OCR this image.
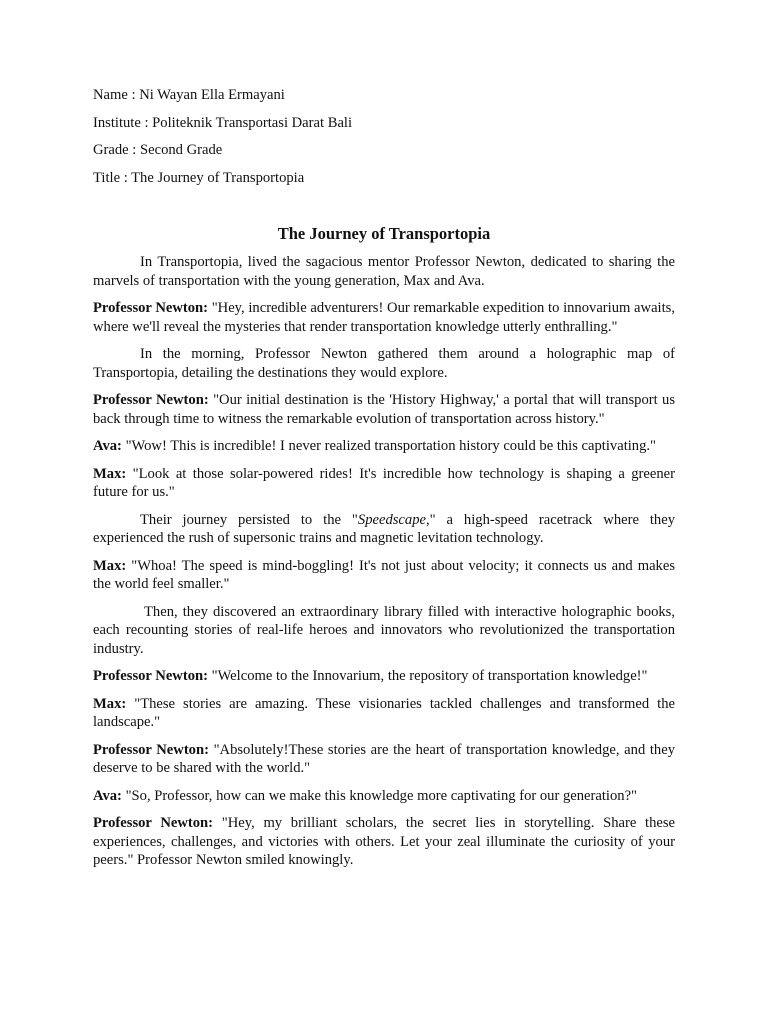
Name : Ni Wayan Ella Ermayani
Institute : Politeknik Transportasi Darat Bali
Grade : Second Grade
Title : The Journey of Transportopia
The Journey of Transportopia

In Transportopia, lived the sagacious mentor Professor Newton, dedicated to sharing the marvels of transportation with the young generation, Max and Ava.

Professor Newton: "Hey, incredible adventurers! Our remarkable expedition to innovarium awaits, where we'll reveal the mysteries that render transportation knowledge utterly enthralling."

In the morning, Professor Newton gathered them around a holographic map of Transportopia, detailing the destinations they would explore.

Professor Newton: "Our initial destination is the 'History Highway,' a portal that will transport us back through time to witness the remarkable evolution of transportation across history."

Ava: "Wow! This is incredible! I never realized transportation history could be this captivating."

Max: "Look at those solar-powered rides! It's incredible how technology is shaping a greener future for us."

Their journey persisted to the "Speedscape," a high-speed racetrack where they experienced the rush of supersonic trains and magnetic levitation technology.

Max: "Whoa! The speed is mind-boggling! It's not just about velocity; it connects us and makes the world feel smaller."

Then, they discovered an extraordinary library filled with interactive holographic books, each recounting stories of real-life heroes and innovators who revolutionized the transportation industry.

Professor Newton: "Welcome to the Innovarium, the repository of transportation knowledge!"

Max: "These stories are amazing. These visionaries tackled challenges and transformed the landscape."

Professor Newton: "Absolutely!These stories are the heart of transportation knowledge, and they deserve to be shared with the world."

Ava: "So, Professor, how can we make this knowledge more captivating for our generation?"

Professor Newton: "Hey, my brilliant scholars, the secret lies in storytelling. Share these experiences, challenges, and victories with others. Let your zeal illuminate the curiosity of your peers." Professor Newton smiled knowingly.
